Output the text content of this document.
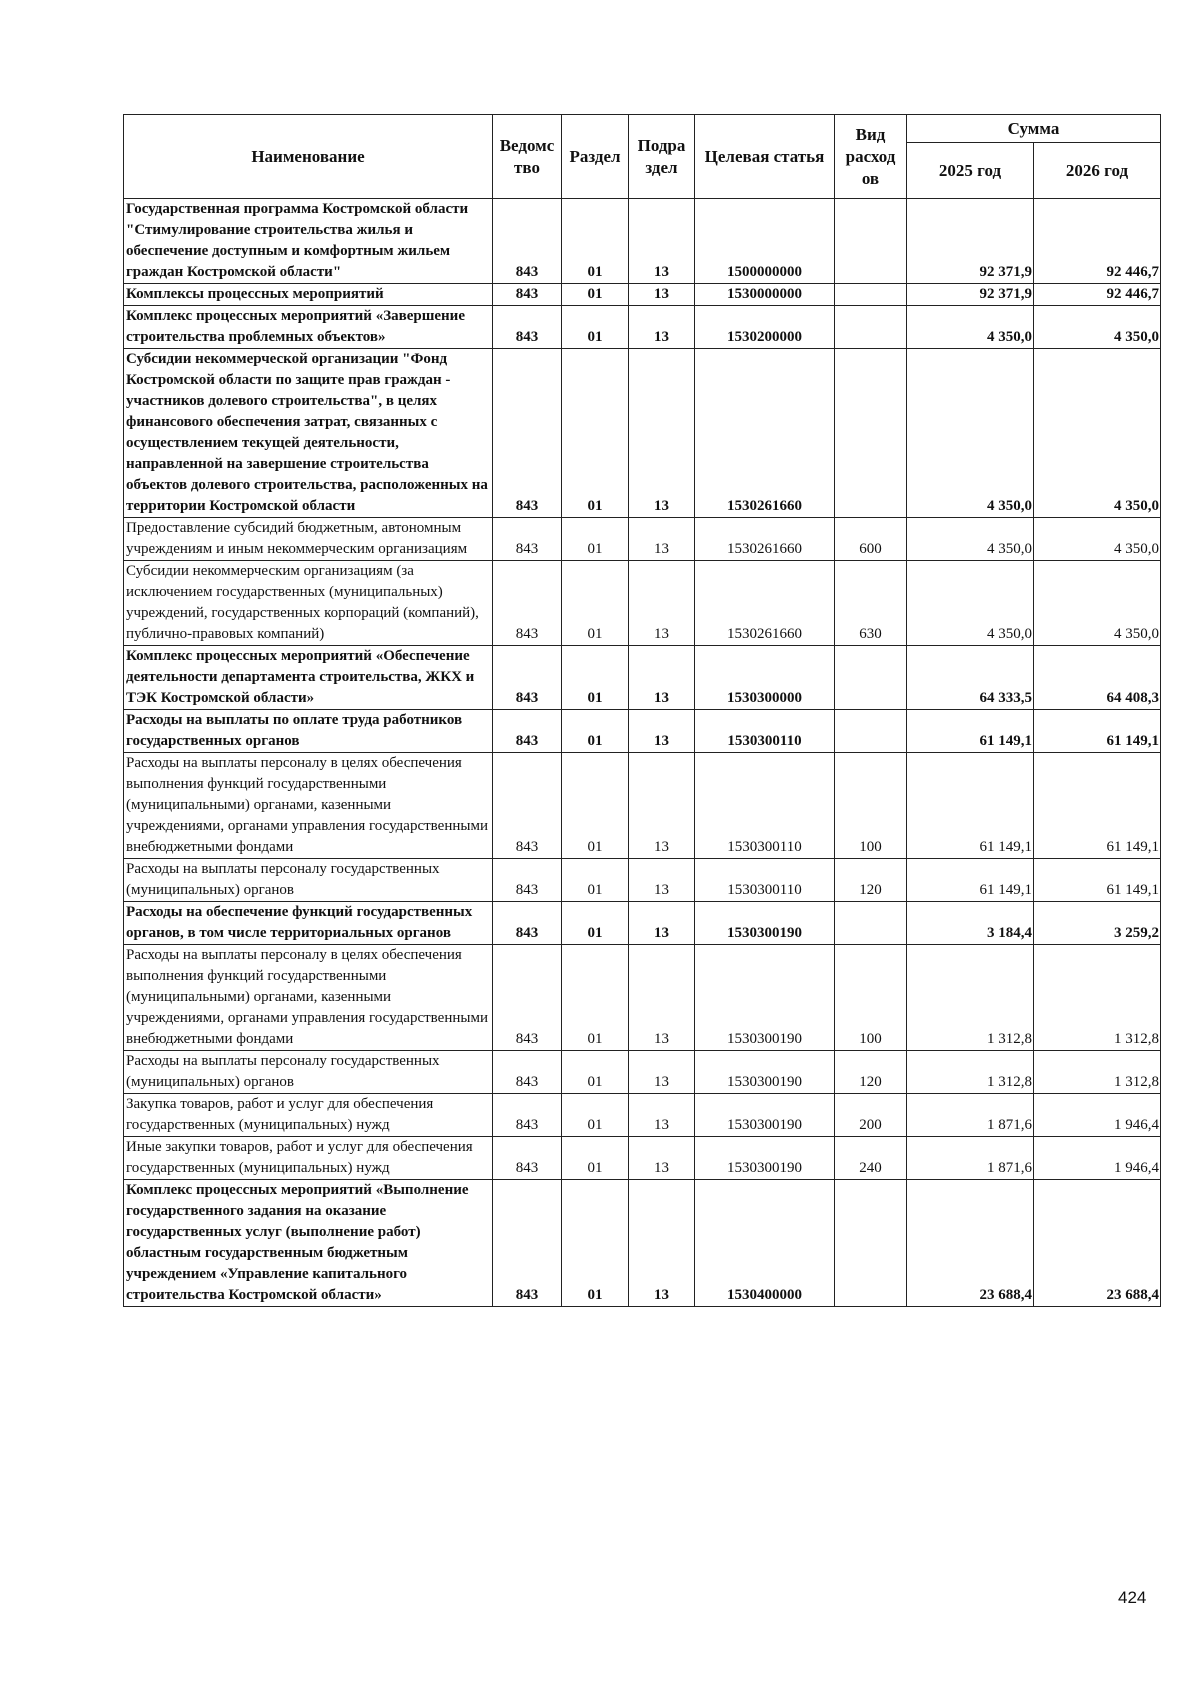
Наименование	Ведомс тво	Раздел	Подра здел	Целевая статья	Вид расход ов	Сумма	
						2025 год	2026 год
Государственная программа Костромской области "Стимулирование строительства жилья и обеспечение доступным и комфортным жильем граждан Костромской области"	843	01	13	1500000000		92 371,9	92 446,7
Комплексы процессных мероприятий	843	01	13	1530000000		92 371,9	92 446,7
Комплекс процессных мероприятий «Завершение строительства проблемных объектов»	843	01	13	1530200000		4 350,0	4 350,0
Субсидии некоммерческой организации "Фонд Костромской области по защите прав граждан - участников долевого строительства", в целях финансового обеспечения затрат, связанных с осуществлением текущей деятельности, направленной на завершение строительства объектов долевого строительства, расположенных на территории Костромской области	843	01	13	1530261660		4 350,0	4 350,0
Предоставление субсидий бюджетным, автономным учреждениям и иным некоммерческим организациям	843	01	13	1530261660	600	4 350,0	4 350,0
Субсидии некоммерческим организациям (за исключением государственных (муниципальных) учреждений, государственных корпораций (компаний), публично-правовых компаний)	843	01	13	1530261660	630	4 350,0	4 350,0
Комплекс процессных мероприятий «Обеспечение деятельности департамента строительства, ЖКХ и ТЭК Костромской области»	843	01	13	1530300000		64 333,5	64 408,3
Расходы на выплаты по оплате труда работников государственных органов	843	01	13	1530300110		61 149,1	61 149,1
Расходы на выплаты персоналу в целях обеспечения выполнения функций государственными (муниципальными) органами, казенными учреждениями, органами управления государственными внебюджетными фондами	843	01	13	1530300110	100	61 149,1	61 149,1
Расходы на выплаты персоналу государственных (муниципальных) органов	843	01	13	1530300110	120	61 149,1	61 149,1
Расходы на обеспечение функций государственных органов, в том числе территориальных органов	843	01	13	1530300190		3 184,4	3 259,2
Расходы на выплаты персоналу в целях обеспечения выполнения функций государственными (муниципальными) органами, казенными учреждениями, органами управления государственными внебюджетными фондами	843	01	13	1530300190	100	1 312,8	1 312,8
Расходы на выплаты персоналу государственных (муниципальных) органов	843	01	13	1530300190	120	1 312,8	1 312,8
Закупка товаров, работ и услуг для обеспечения государственных (муниципальных) нужд	843	01	13	1530300190	200	1 871,6	1 946,4
Иные закупки товаров, работ и услуг для обеспечения государственных (муниципальных) нужд	843	01	13	1530300190	240	1 871,6	1 946,4
Комплекс процессных мероприятий «Выполнение государственного задания на оказание государственных услуг (выполнение работ) областным государственным бюджетным учреждением «Управление капитального строительства Костромской области»	843	01	13	1530400000		23 688,4	23 688,4
424
